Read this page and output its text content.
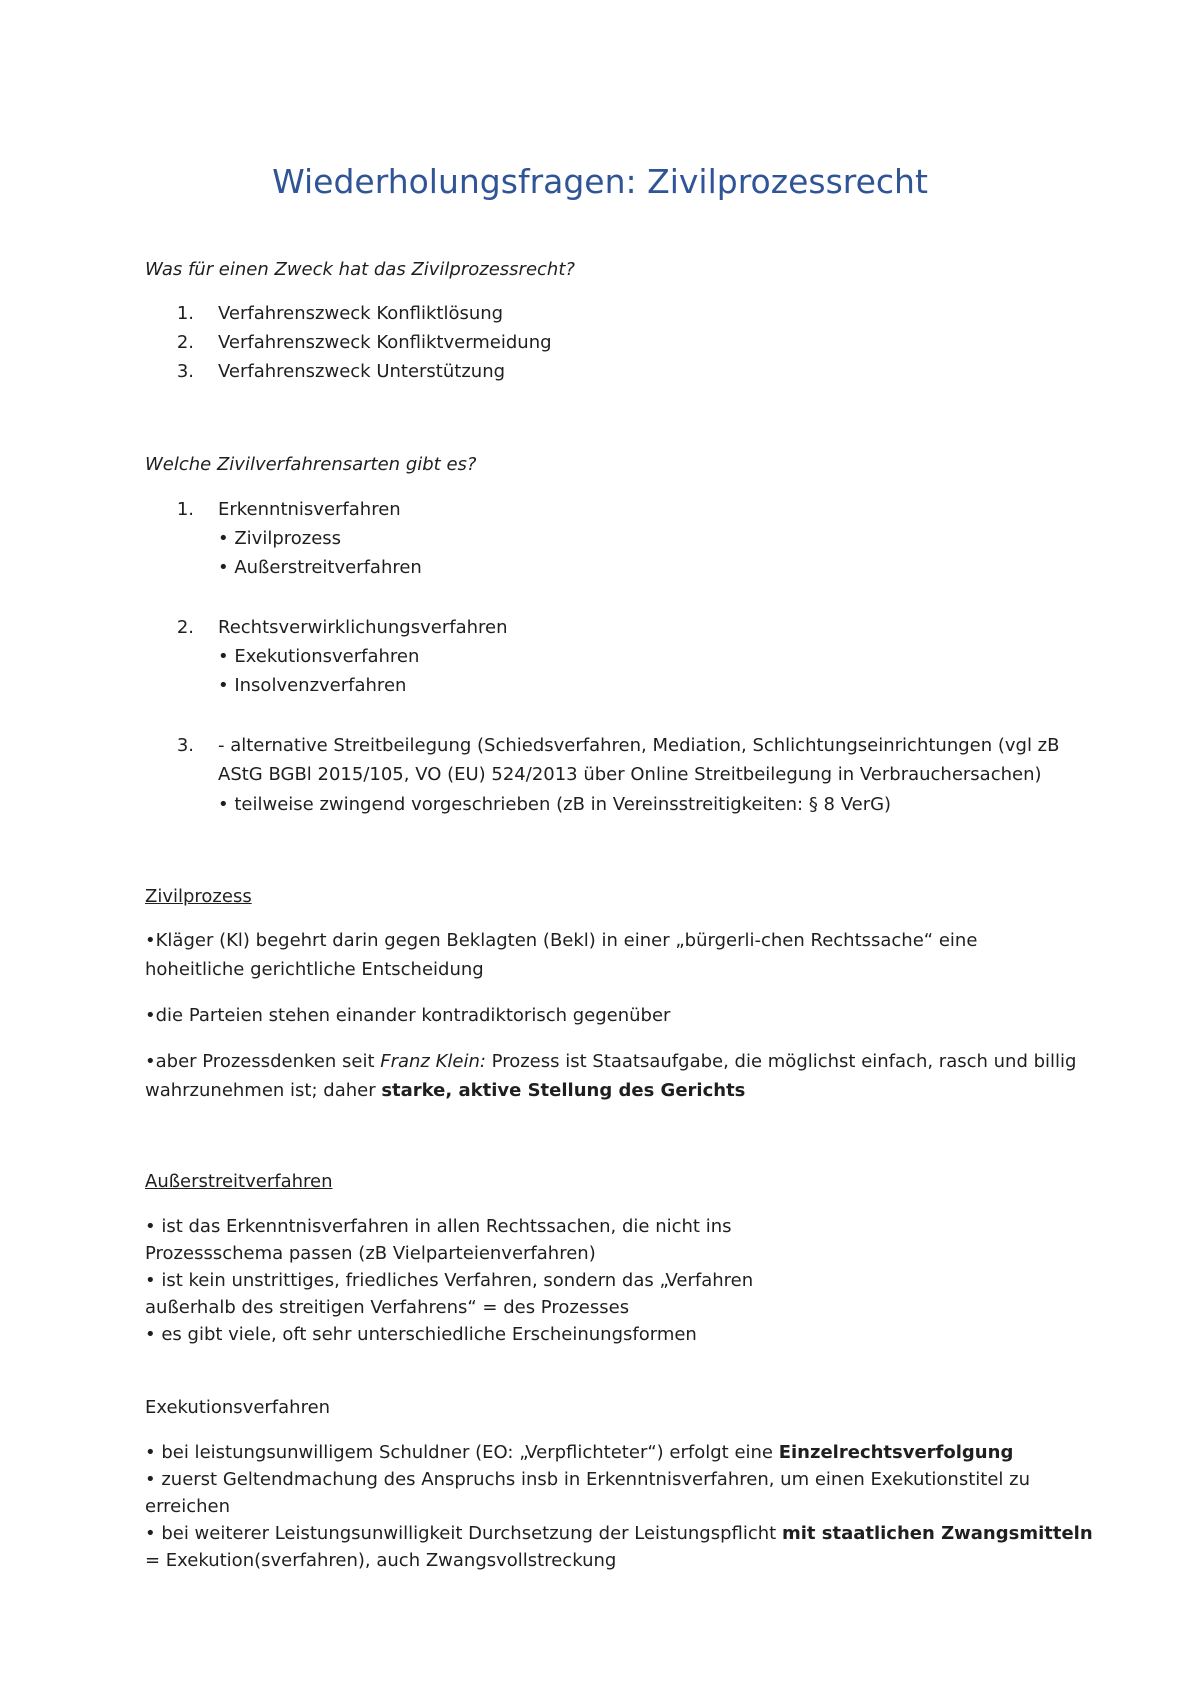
Wiederholungsfragen: Zivilprozessrecht
Was für einen Zweck hat das Zivilprozessrecht?
1. Verfahrenszweck Konfliktlösung
2. Verfahrenszweck Konfliktvermeidung
3. Verfahrenszweck Unterstützung
Welche Zivilverfahrensarten gibt es?
1. Erkenntnisverfahren
• Zivilprozess
• Außerstreitverfahren
2. Rechtsverwirklichungsverfahren
• Exekutionsverfahren
• Insolvenzverfahren
3. - alternative Streitbeilegung (Schiedsverfahren, Mediation, Schlichtungseinrichtungen (vgl zB
AStG BGBl 2015/105, VO (EU) 524/2013 über Online Streitbeilegung in Verbrauchersachen)
• teilweise zwingend vorgeschrieben (zB in Vereinsstreitigkeiten: § 8 VerG)
Zivilprozess
•Kläger (Kl) begehrt darin gegen Beklagten (Bekl) in einer „bürgerli-chen Rechtssache“ eine
hoheitliche gerichtliche Entscheidung
•die Parteien stehen einander kontradiktorisch gegenüber
•aber Prozessdenken seit Franz Klein: Prozess ist Staatsaufgabe, die möglichst einfach, rasch und billig
wahrzunehmen ist; daher starke, aktive Stellung des Gerichts
Außerstreitverfahren
• ist das Erkenntnisverfahren in allen Rechtssachen, die nicht ins
Prozessschema passen (zB Vielparteienverfahren)
• ist kein unstrittiges, friedliches Verfahren, sondern das „Verfahren
außerhalb des streitigen Verfahrens“ = des Prozesses
• es gibt viele, oft sehr unterschiedliche Erscheinungsformen
Exekutionsverfahren
• bei leistungsunwilligem Schuldner (EO: „Verpflichteter“) erfolgt eine Einzelrechtsverfolgung
• zuerst Geltendmachung des Anspruchs insb in Erkenntnisverfahren, um einen Exekutionstitel zu
erreichen
• bei weiterer Leistungsunwilligkeit Durchsetzung der Leistungspflicht mit staatlichen Zwangsmitteln
= Exekution(sverfahren), auch Zwangsvollstreckung
